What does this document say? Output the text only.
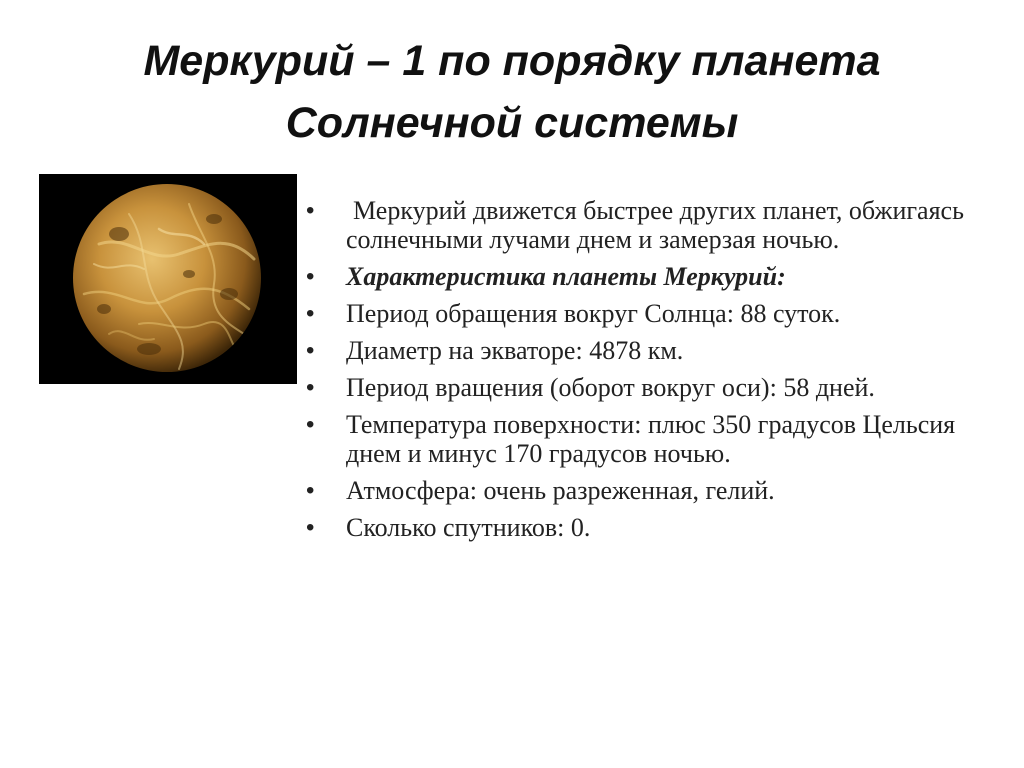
Меркурий – 1 по порядку планета
Солнечной системы
• Меркурий движется быстрее других планет, обжигаясь солнечными лучами днем и замерзая ночью.
• Характеристика планеты Меркурий:
• Период обращения вокруг Солнца: 88 суток.
• Диаметр на экваторе: 4878 км.
• Период вращения (оборот вокруг оси): 58 дней.
• Температура поверхности: плюс 350 градусов Цельсия днем и минус 170 градусов ночью.
• Атмосфера: очень разреженная, гелий.
• Сколько спутников: 0.
